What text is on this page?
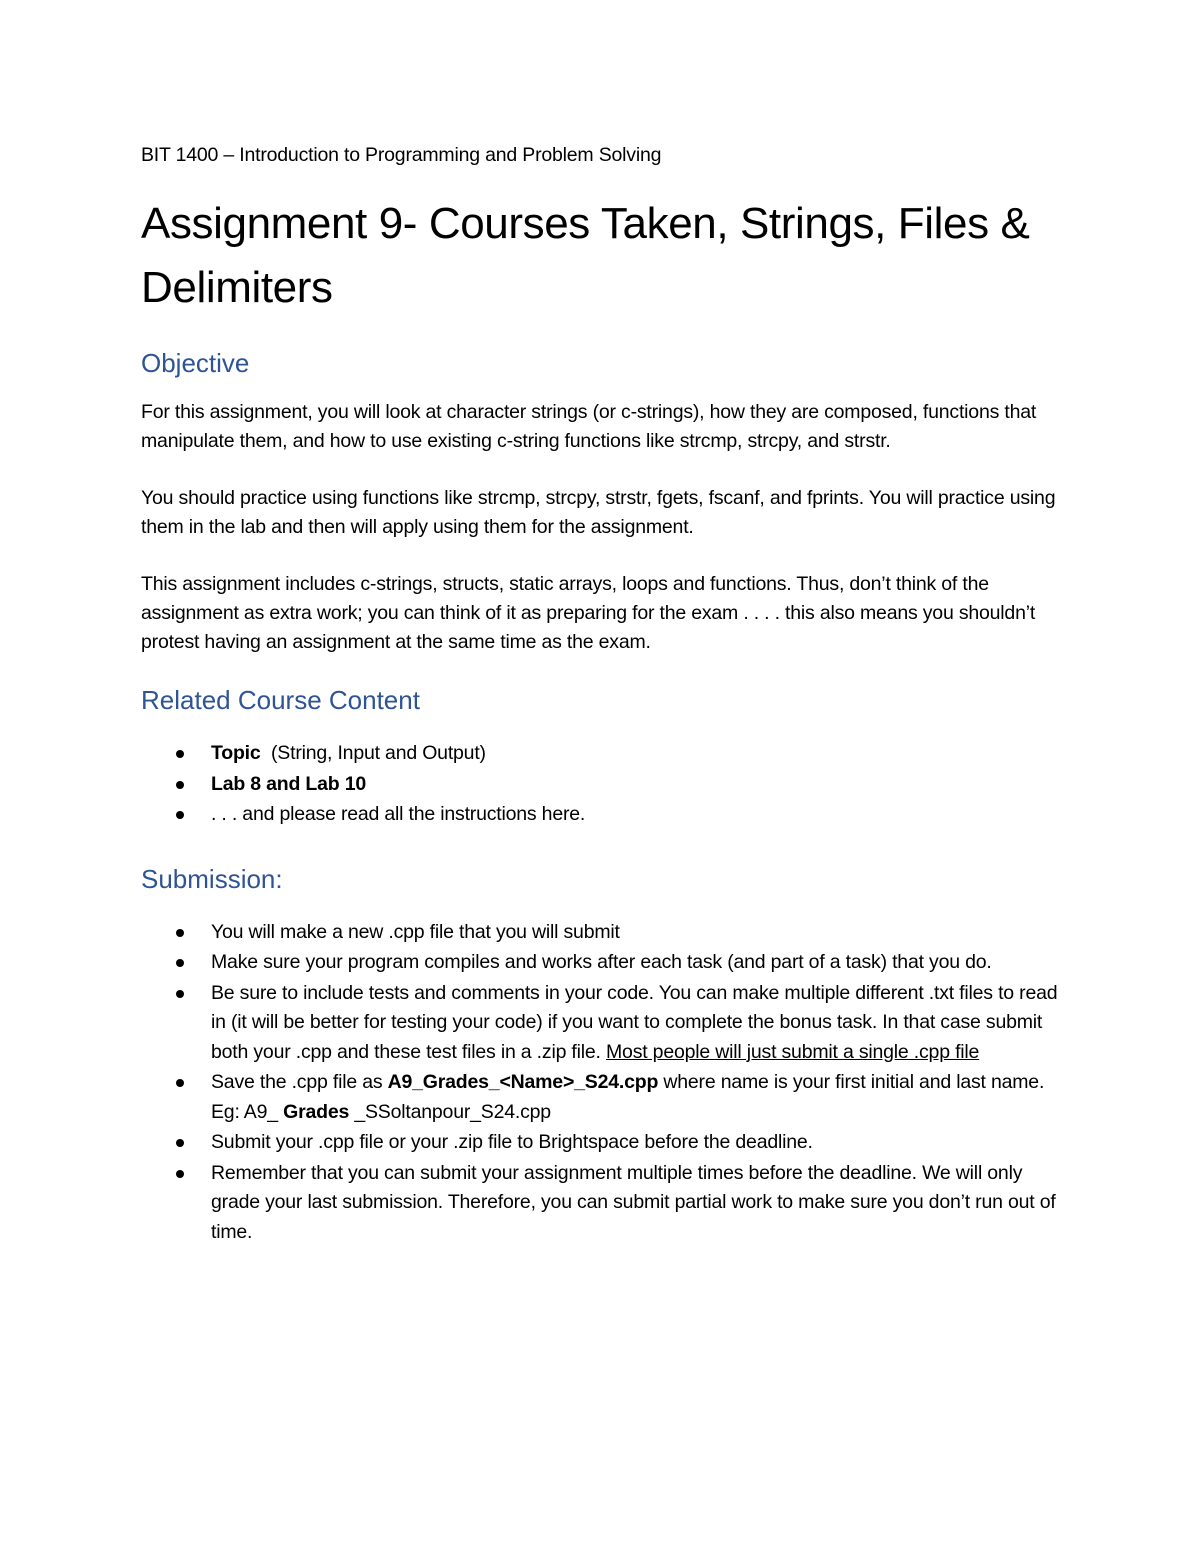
BIT 1400 – Introduction to Programming and Problem Solving
Assignment 9- Courses Taken, Strings, Files & Delimiters
Objective

For this assignment, you will look at character strings (or c-strings), how they are composed, functions that manipulate them, and how to use existing c-string functions like strcmp, strcpy, and strstr.

You should practice using functions like strcmp, strcpy, strstr, fgets, fscanf, and fprints. You will practice using them in the lab and then will apply using them for the assignment.

This assignment includes c-strings, structs, static arrays, loops and functions. Thus, don’t think of the assignment as extra work; you can think of it as preparing for the exam . . . . this also means you shouldn’t protest having an assignment at the same time as the exam.

Related Course Content
Topic  (String, Input and Output)
Lab 8 and Lab 10
. . . and please read all the instructions here.
Submission:
You will make a new .cpp file that you will submit
Make sure your program compiles and works after each task (and part of a task) that you do.
Be sure to include tests and comments in your code. You can make multiple different .txt files to read in (it will be better for testing your code) if you want to complete the bonus task. In that case submit both your .cpp and these test files in a .zip file. Most people will just submit a single .cpp file
Save the .cpp file as A9_Grades_<Name>_S24.cpp where name is your first initial and last name. Eg: A9_ Grades _SSoltanpour_S24.cpp
Submit your .cpp file or your .zip file to Brightspace before the deadline.
Remember that you can submit your assignment multiple times before the deadline. We will only grade your last submission. Therefore, you can submit partial work to make sure you don’t run out of time.
